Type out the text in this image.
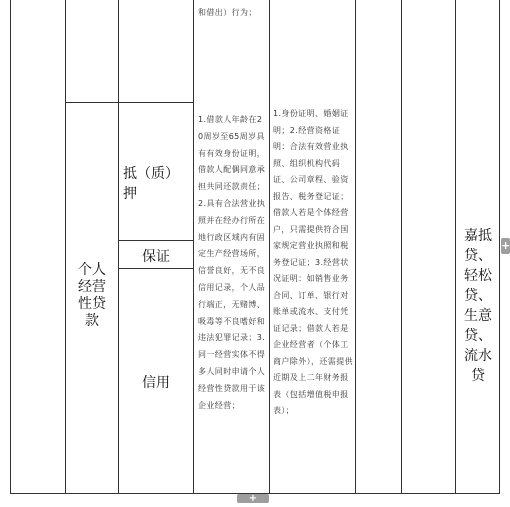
和借出）行为；
个人经营性贷款
抵（质）押
保证
信用
1.借款人年龄在20周岁至65周岁具有有效身份证明，借款人配偶同意承担共同还款责任；2.具有合法营业执照并在经办行所在地行政区域内有固定生产经营场所，信誉良好，无不良信用记录，个人品行端正，无赌博、吸毒等不良嗜好和违法犯罪记录；3.同一经营实体不得多人同时申请个人经营性贷款用于该企业经营；
1.身份证明、婚姻证明；2.经营资格证明：合法有效营业执照、组织机构代码证、公司章程、验资报告、税务登记证；借款人若是个体经营户，只需提供符合国家规定营业执照和税务登记证；3.经营状况证明：如销售业务合同、订单、银行对账单或流水、支付凭证记录；借款人若是企业经营者（个体工商户除外），还需提供近期及上二年财务报表（包括增值税申报表）；
嘉抵贷、轻松贷、生意贷、流水贷
+
+
